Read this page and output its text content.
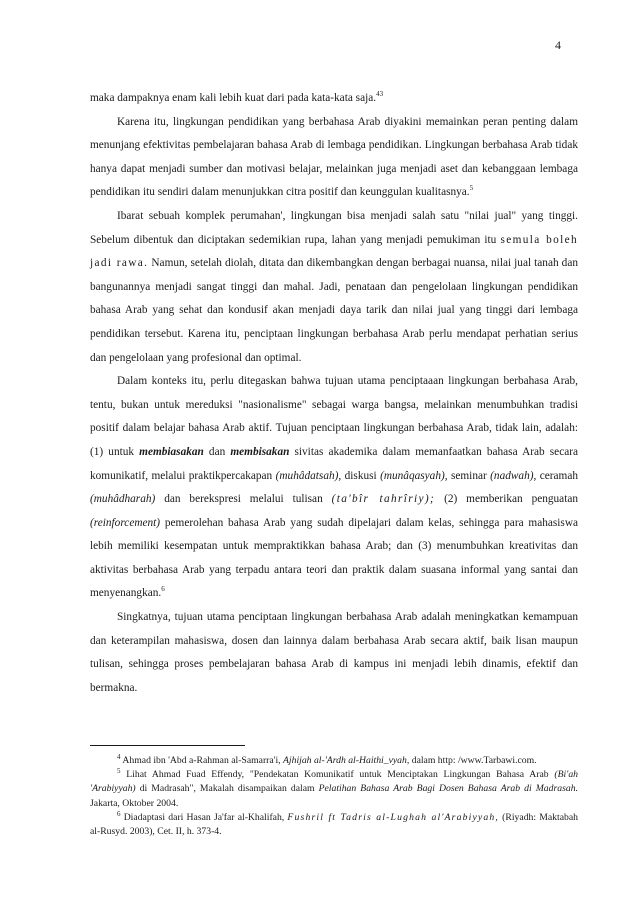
4

maka dampaknya enam kali lebih kuat dari pada kata-kata saja.$^{43}$

Karena itu, lingkungan pendidikan yang berbahasa Arab diyakini memainkan peran penting dalam menunjang efektivitas pembelajaran bahasa Arab di lembaga pendidikan. Lingkungan berbahasa Arab tidak hanya dapat menjadi sumber dan motivasi belajar, melainkan juga menjadi aset dan kebanggaan lembaga pendidikan itu sendiri dalam menunjukkan citra positif dan keunggulan kualitasnya.$^5$

Ibarat sebuah komplek perumahan', lingkungan bisa menjadi salah satu "nilai jual" yang tinggi. Sebelum dibentuk dan diciptakan sedemikian rupa, lahan yang menjadi pemukiman itu semula boleh jadi rawa. Namun, setelah diolah, ditata dan dikembangkan dengan berbagai nuansa, nilai jual tanah dan bangunannya menjadi sangat tinggi dan mahal. Jadi, penataan dan pengelolaan lingkungan pendidikan bahasa Arab yang sehat dan kondusif akan menjadi daya tarik dan nilai jual yang tinggi dari lembaga pendidikan tersebut. Karena itu, penciptaan lingkungan berbahasa Arab perlu mendapat perhatian serius dan pengelolaan yang profesional dan optimal.

Dalam konteks itu, perlu ditegaskan bahwa tujuan utama penciptaaan lingkungan berbahasa Arab, tentu, bukan untuk mereduksi "nasionalisme" sebagai warga bangsa, melainkan menumbuhkan tradisi positif dalam belajar bahasa Arab aktif. Tujuan penciptaan lingkungan berbahasa Arab, tidak lain, adalah: (1) untuk membiasakan dan membisakan sivitas akademika dalam memanfaatkan bahasa Arab secara komunikatif, melalui praktikpercakapan (muhâdatsah), diskusi (munâqasyah), seminar (nadwah), ceramah (muhâdharah) dan berekspresi melalui tulisan (ta'bîr tahrîriy); (2) memberikan penguatan (reinforcement) pemerolehan bahasa Arab yang sudah dipelajari dalam kelas, sehingga para mahasiswa lebih memiliki kesempatan untuk mempraktikkan bahasa Arab; dan (3) menumbuhkan kreativitas dan aktivitas berbahasa Arab yang terpadu antara teori dan praktik dalam suasana informal yang santai dan menyenangkan.$^6$

Singkatnya, tujuan utama penciptaan lingkungan berbahasa Arab adalah meningkatkan kemampuan dan keterampilan mahasiswa, dosen dan lainnya dalam berbahasa Arab secara aktif, baik lisan maupun tulisan, sehingga proses pembelajaran bahasa Arab di kampus ini menjadi lebih dinamis, efektif dan bermakna.

$^4$ Ahmad ibn 'Abd a-Rahman al-Samarra'i, Ajhijah al-'Ardh al-Haithi_vyah, dalam http: /www.Tarbawi.com.

$^5$ Lihat Ahmad Fuad Effendy, "Pendekatan Komunikatif untuk Menciptakan Lingkungan Bahasa Arab (Bi'ah 'Arabiyyah) di Madrasah", Makalah disampaikan dalam Pelatihan Bahasa Arab Bagi Dosen Bahasa Arab di Madrasah. Jakarta, Oktober 2004.

$^6$ Diadaptasi dari Hasan Ja'far al-Khalifah, Fushril ft Tadris al-Lughah al'Arabiyyah, (Riyadh: Maktabah al-Rusyd. 2003), Cet. II, h. 373-4.
